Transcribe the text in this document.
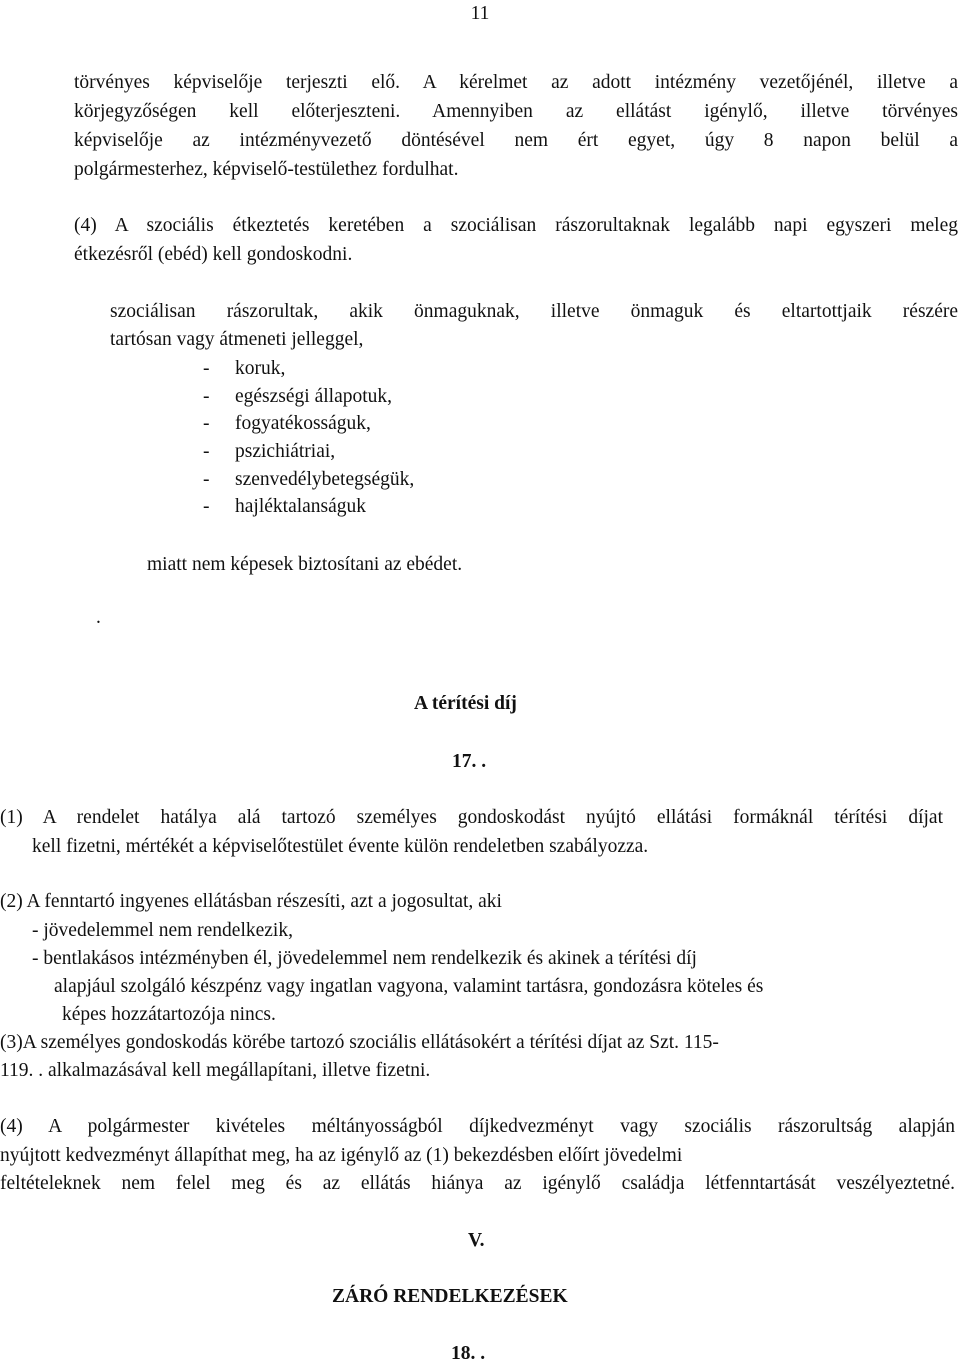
11
törvényes képviselője terjeszti elő. A kérelmet az adott intézmény vezetőjénél, illetve a
körjegyzőségen kell előterjeszteni. Amennyiben az ellátást igénylő, illetve törvényes
képviselője az intézményvezető döntésével nem ért egyet, úgy 8 napon belül a
polgármesterhez, képviselő-testülethez fordulhat.
(4) A szociális étkeztetés keretében a szociálisan rászorultaknak legalább napi egyszeri meleg
étkezésről (ebéd) kell gondoskodni.
szociálisan rászorultak, akik önmaguknak, illetve önmaguk és eltartottjaik részére
tartósan vagy átmeneti jelleggel,
- koruk,
- egészségi állapotuk,
- fogyatékosságuk,
- pszichiátriai,
- szenvedélybetegségük,
- hajléktalanságuk
miatt nem képesek biztosítani az ebédet.
.
A térítési díj
17. .
(1) A rendelet hatálya alá tartozó személyes gondoskodást nyújtó ellátási formáknál térítési díjat
kell fizetni, mértékét a képviselőtestület évente külön rendeletben szabályozza.
(2) A fenntartó ingyenes ellátásban részesíti, azt a jogosultat, aki
- jövedelemmel nem rendelkezik,
- bentlakásos intézményben él, jövedelemmel nem rendelkezik és akinek a térítési díj
alapjául szolgáló készpénz vagy ingatlan vagyona, valamint tartásra, gondozásra köteles és
képes hozzátartozója nincs.
(3)A személyes gondoskodás körébe tartozó szociális ellátásokért a térítési díjat az Szt. 115-
119. . alkalmazásával kell megállapítani, illetve fizetni.
(4) A polgármester kivételes méltányosságból díjkedvezményt vagy szociális rászorultság alapján
nyújtott kedvezményt állapíthat meg, ha az igénylő az (1) bekezdésben előírt jövedelmi
feltételeknek nem felel meg és az ellátás hiánya az igénylő családja létfenntartását veszélyeztetné.
V.
ZÁRÓ RENDELKEZÉSEK
18. .
